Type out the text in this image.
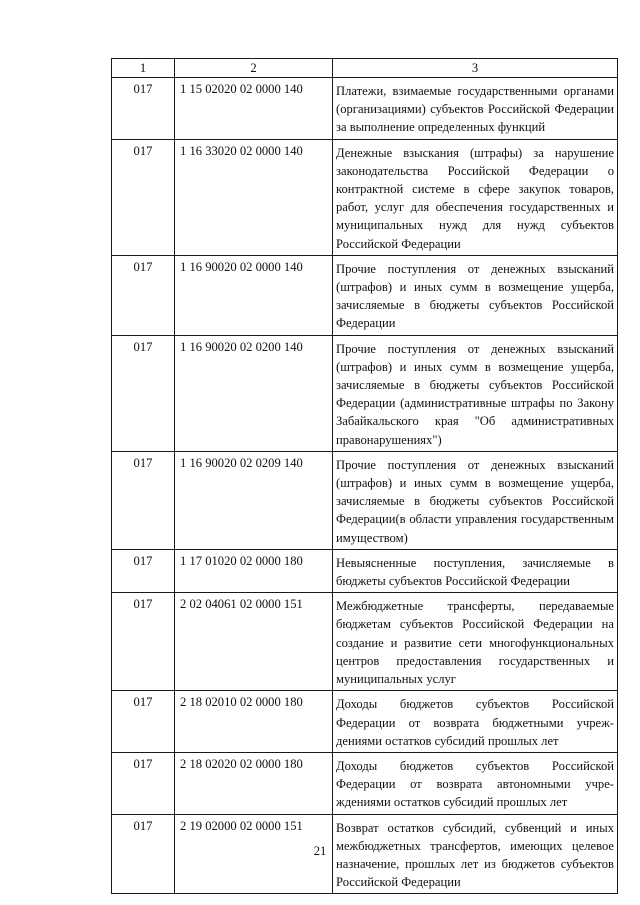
1	2	3
017	1 15 02020 02 0000 140	Платежи, взимаемые государственными органами (организациями) субъектов Российской Федерации за выполнение определенных функций
017	1 16 33020 02 0000 140	Денежные взыскания (штрафы) за нарушение законодательства Российской Федерации о контрактной системе в сфере закупок товаров, работ, услуг для обеспечения государственных и муниципальных нужд для нужд субъектов Российской Федерации
017	1 16 90020 02 0000 140	Прочие поступления от денежных взысканий (штрафов) и иных сумм в возмещение ущерба, зачисляемые в бюджеты субъектов Российской Федерации
017	1 16 90020 02 0200 140	Прочие поступления от денежных взысканий (штрафов) и иных сумм в возмещение ущерба, зачисляемые в бюджеты субъектов Российской Федерации (административные штрафы по Закону Забайкальского края "Об административных правонарушениях")
017	1 16 90020 02 0209 140	Прочие поступления от денежных взысканий (штрафов) и иных сумм в возмещение ущерба, зачисляемые в бюджеты субъектов Российской Федерации(в области управления государственным имуществом)
017	1 17 01020 02 0000 180	Невыясненные поступления, зачисляемые в бюджеты субъектов Российской Федерации
017	2 02 04061 02 0000 151	Межбюджетные трансферты, передаваемые бюджетам субъектов Российской Федерации на создание и развитие сети многофункциональных центров предоставления государственных и муниципальных услуг
017	2 18 02010 02 0000 180	Доходы бюджетов субъектов Российской Федерации от возврата бюджетными учреждениями остатков субсидий прошлых лет
017	2 18 02020 02 0000 180	Доходы бюджетов субъектов Российской Федерации от возврата автономными учреждениями остатков субсидий прошлых лет
017	2 19 02000 02 0000 151	Возврат остатков субсидий, субвенций и иных межбюджетных трансфертов, имеющих целевое назначение, прошлых лет из бюджетов субъектов Российской Федерации
21
